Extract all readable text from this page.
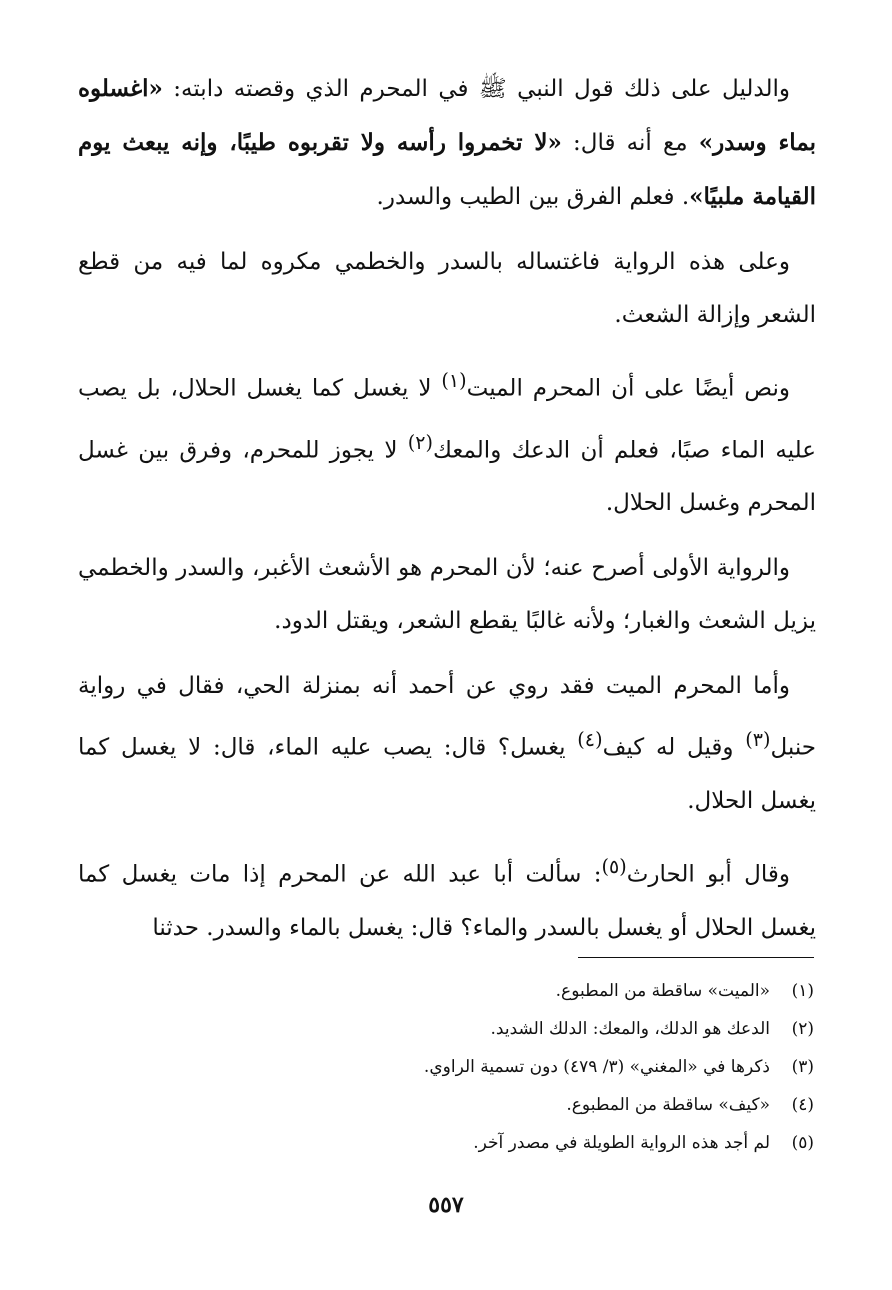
والدليل على ذلك قول النبي ﷺ في المحرم الذي وقصته دابته: «اغسلوه بماء وسدر» مع أنه قال: «لا تخمروا رأسه ولا تقربوه طيبًا، وإنه يبعث يوم القيامة ملبيًا». فعلم الفرق بين الطيب والسدر.

وعلى هذه الرواية فاغتساله بالسدر والخطمي مكروه لما فيه من قطع الشعر وإزالة الشعث.

ونص أيضًا على أن المحرم الميت$^{(١)}$ لا يغسل كما يغسل الحلال، بل يصب عليه الماء صبًا، فعلم أن الدعك والمعك$^{(٢)}$ لا يجوز للمحرم، وفرق بين غسل المحرم وغسل الحلال.

والرواية الأولى أصرح عنه؛ لأن المحرم هو الأشعث الأغبر، والسدر والخطمي يزيل الشعث والغبار؛ ولأنه غالبًا يقطع الشعر، ويقتل الدود.

وأما المحرم الميت فقد روي عن أحمد أنه بمنزلة الحي، فقال في رواية حنبل$^{(٣)}$ وقيل له كيف$^{(٤)}$ يغسل؟ قال: يصب عليه الماء، قال: لا يغسل كما يغسل الحلال.

وقال أبو الحارث$^{(٥)}$: سألت أبا عبد الله عن المحرم إذا مات يغسل كما يغسل الحلال أو يغسل بالسدر والماء؟ قال: يغسل بالماء والسدر. حدثنا

(١)
«الميت» ساقطة من المطبوع.
(٢)
الدعك هو الدلك، والمعك: الدلك الشديد.
(٣)
ذكرها في «المغني» (٣/ ٤٧٩) دون تسمية الراوي.
(٤)
«كيف» ساقطة من المطبوع.
(٥)
لم أجد هذه الرواية الطويلة في مصدر آخر.
٥٥٧
